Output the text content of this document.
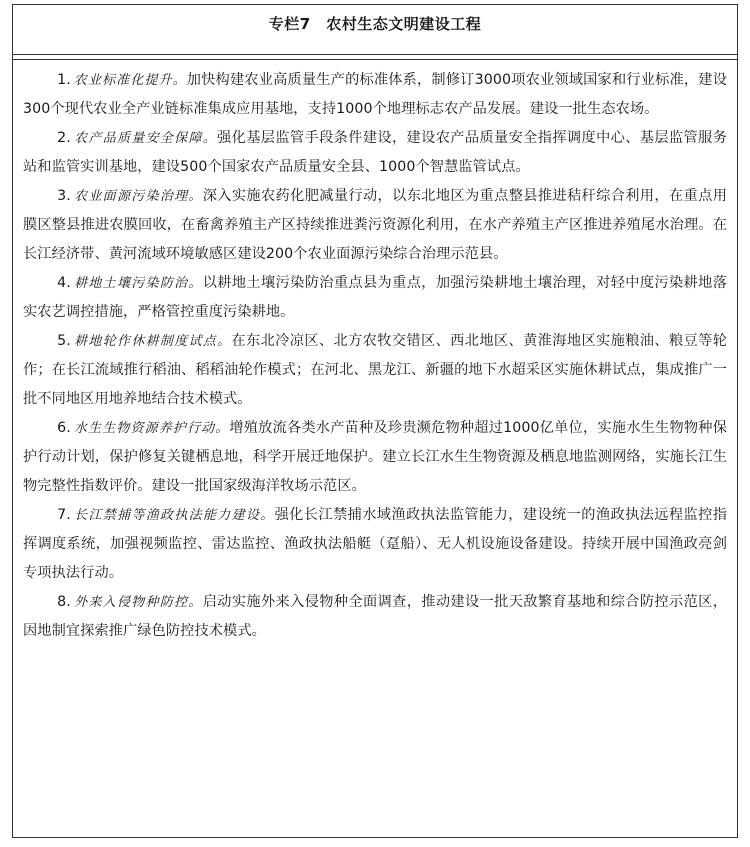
专栏7　农村生态文明建设工程

1. 农业标准化提升。加快构建农业高质量生产的标准体系，制修订3000项农业领域国家和行业标准，建设300个现代农业全产业链标准集成应用基地，支持1000个地理标志农产品发展。建设一批生态农场。

2. 农产品质量安全保障。强化基层监管手段条件建设，建设农产品质量安全指挥调度中心、基层监管服务站和监管实训基地，建设500个国家农产品质量安全县、1000个智慧监管试点。

3. 农业面源污染治理。深入实施农药化肥减量行动，以东北地区为重点整县推进秸秆综合利用，在重点用膜区整县推进农膜回收，在畜禽养殖主产区持续推进粪污资源化利用，在水产养殖主产区推进养殖尾水治理。在长江经济带、黄河流域环境敏感区建设200个农业面源污染综合治理示范县。

4. 耕地土壤污染防治。以耕地土壤污染防治重点县为重点，加强污染耕地土壤治理，对轻中度污染耕地落实农艺调控措施，严格管控重度污染耕地。

5. 耕地轮作休耕制度试点。在东北冷凉区、北方农牧交错区、西北地区、黄淮海地区实施粮油、粮豆等轮作；在长江流域推行稻油、稻稻油轮作模式；在河北、黑龙江、新疆的地下水超采区实施休耕试点，集成推广一批不同地区用地养地结合技术模式。

6. 水生生物资源养护行动。增殖放流各类水产苗种及珍贵濒危物种超过1000亿单位，实施水生生物物种保护行动计划，保护修复关键栖息地，科学开展迁地保护。建立长江水生生物资源及栖息地监测网络，实施长江生物完整性指数评价。建设一批国家级海洋牧场示范区。

7. 长江禁捕等渔政执法能力建设。强化长江禁捕水域渔政执法监管能力，建设统一的渔政执法远程监控指挥调度系统，加强视频监控、雷达监控、渔政执法船艇（趸船）、无人机设施设备建设。持续开展中国渔政亮剑专项执法行动。

8. 外来入侵物种防控。启动实施外来入侵物种全面调查，推动建设一批天敌繁育基地和综合防控示范区，因地制宜探索推广绿色防控技术模式。
